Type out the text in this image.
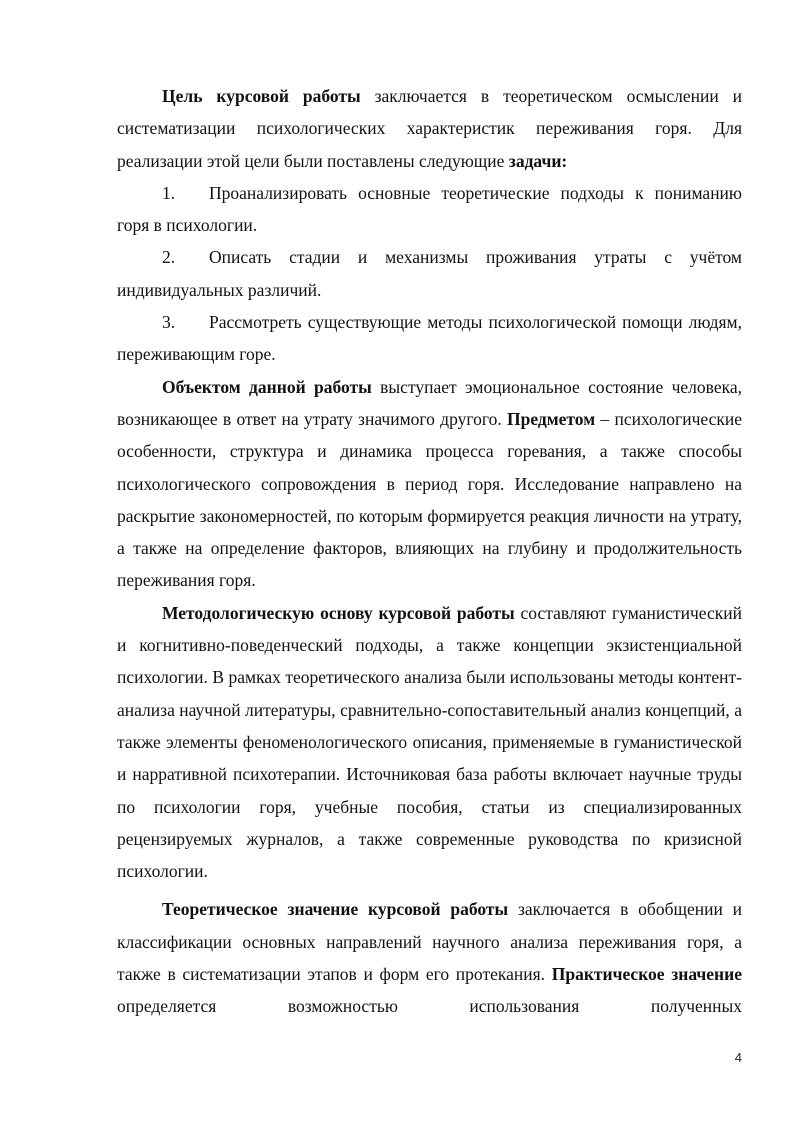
Цель курсовой работы заключается в теоретическом осмыслении и систематизации психологических характеристик переживания горя. Для реализации этой цели были поставлены следующие задачи:

1. Проанализировать основные теоретические подходы к пониманию горя в психологии.

2. Описать стадии и механизмы проживания утраты с учётом индивидуальных различий.

3. Рассмотреть существующие методы психологической помощи людям, переживающим горе.

Объектом данной работы выступает эмоциональное состояние человека, возникающее в ответ на утрату значимого другого. Предметом – психологические особенности, структура и динамика процесса горевания, а также способы психологического сопровождения в период горя. Исследование направлено на раскрытие закономерностей, по которым формируется реакция личности на утрату, а также на определение факторов, влияющих на глубину и продолжительность переживания горя.

Методологическую основу курсовой работы составляют гуманистический и когнитивно-поведенческий подходы, а также концепции экзистенциальной психологии. В рамках теоретического анализа были использованы методы контент-анализа научной литературы, сравнительно-сопоставительный анализ концепций, а также элементы феноменологического описания, применяемые в гуманистической и нарративной психотерапии. Источниковая база работы включает научные труды по психологии горя, учебные пособия, статьи из специализированных рецензируемых журналов, а также современные руководства по кризисной психологии.

Теоретическое значение курсовой работы заключается в обобщении и классификации основных направлений научного анализа переживания горя, а также в систематизации этапов и форм его протекания. Практическое значение определяется возможностью использования полученных

4
